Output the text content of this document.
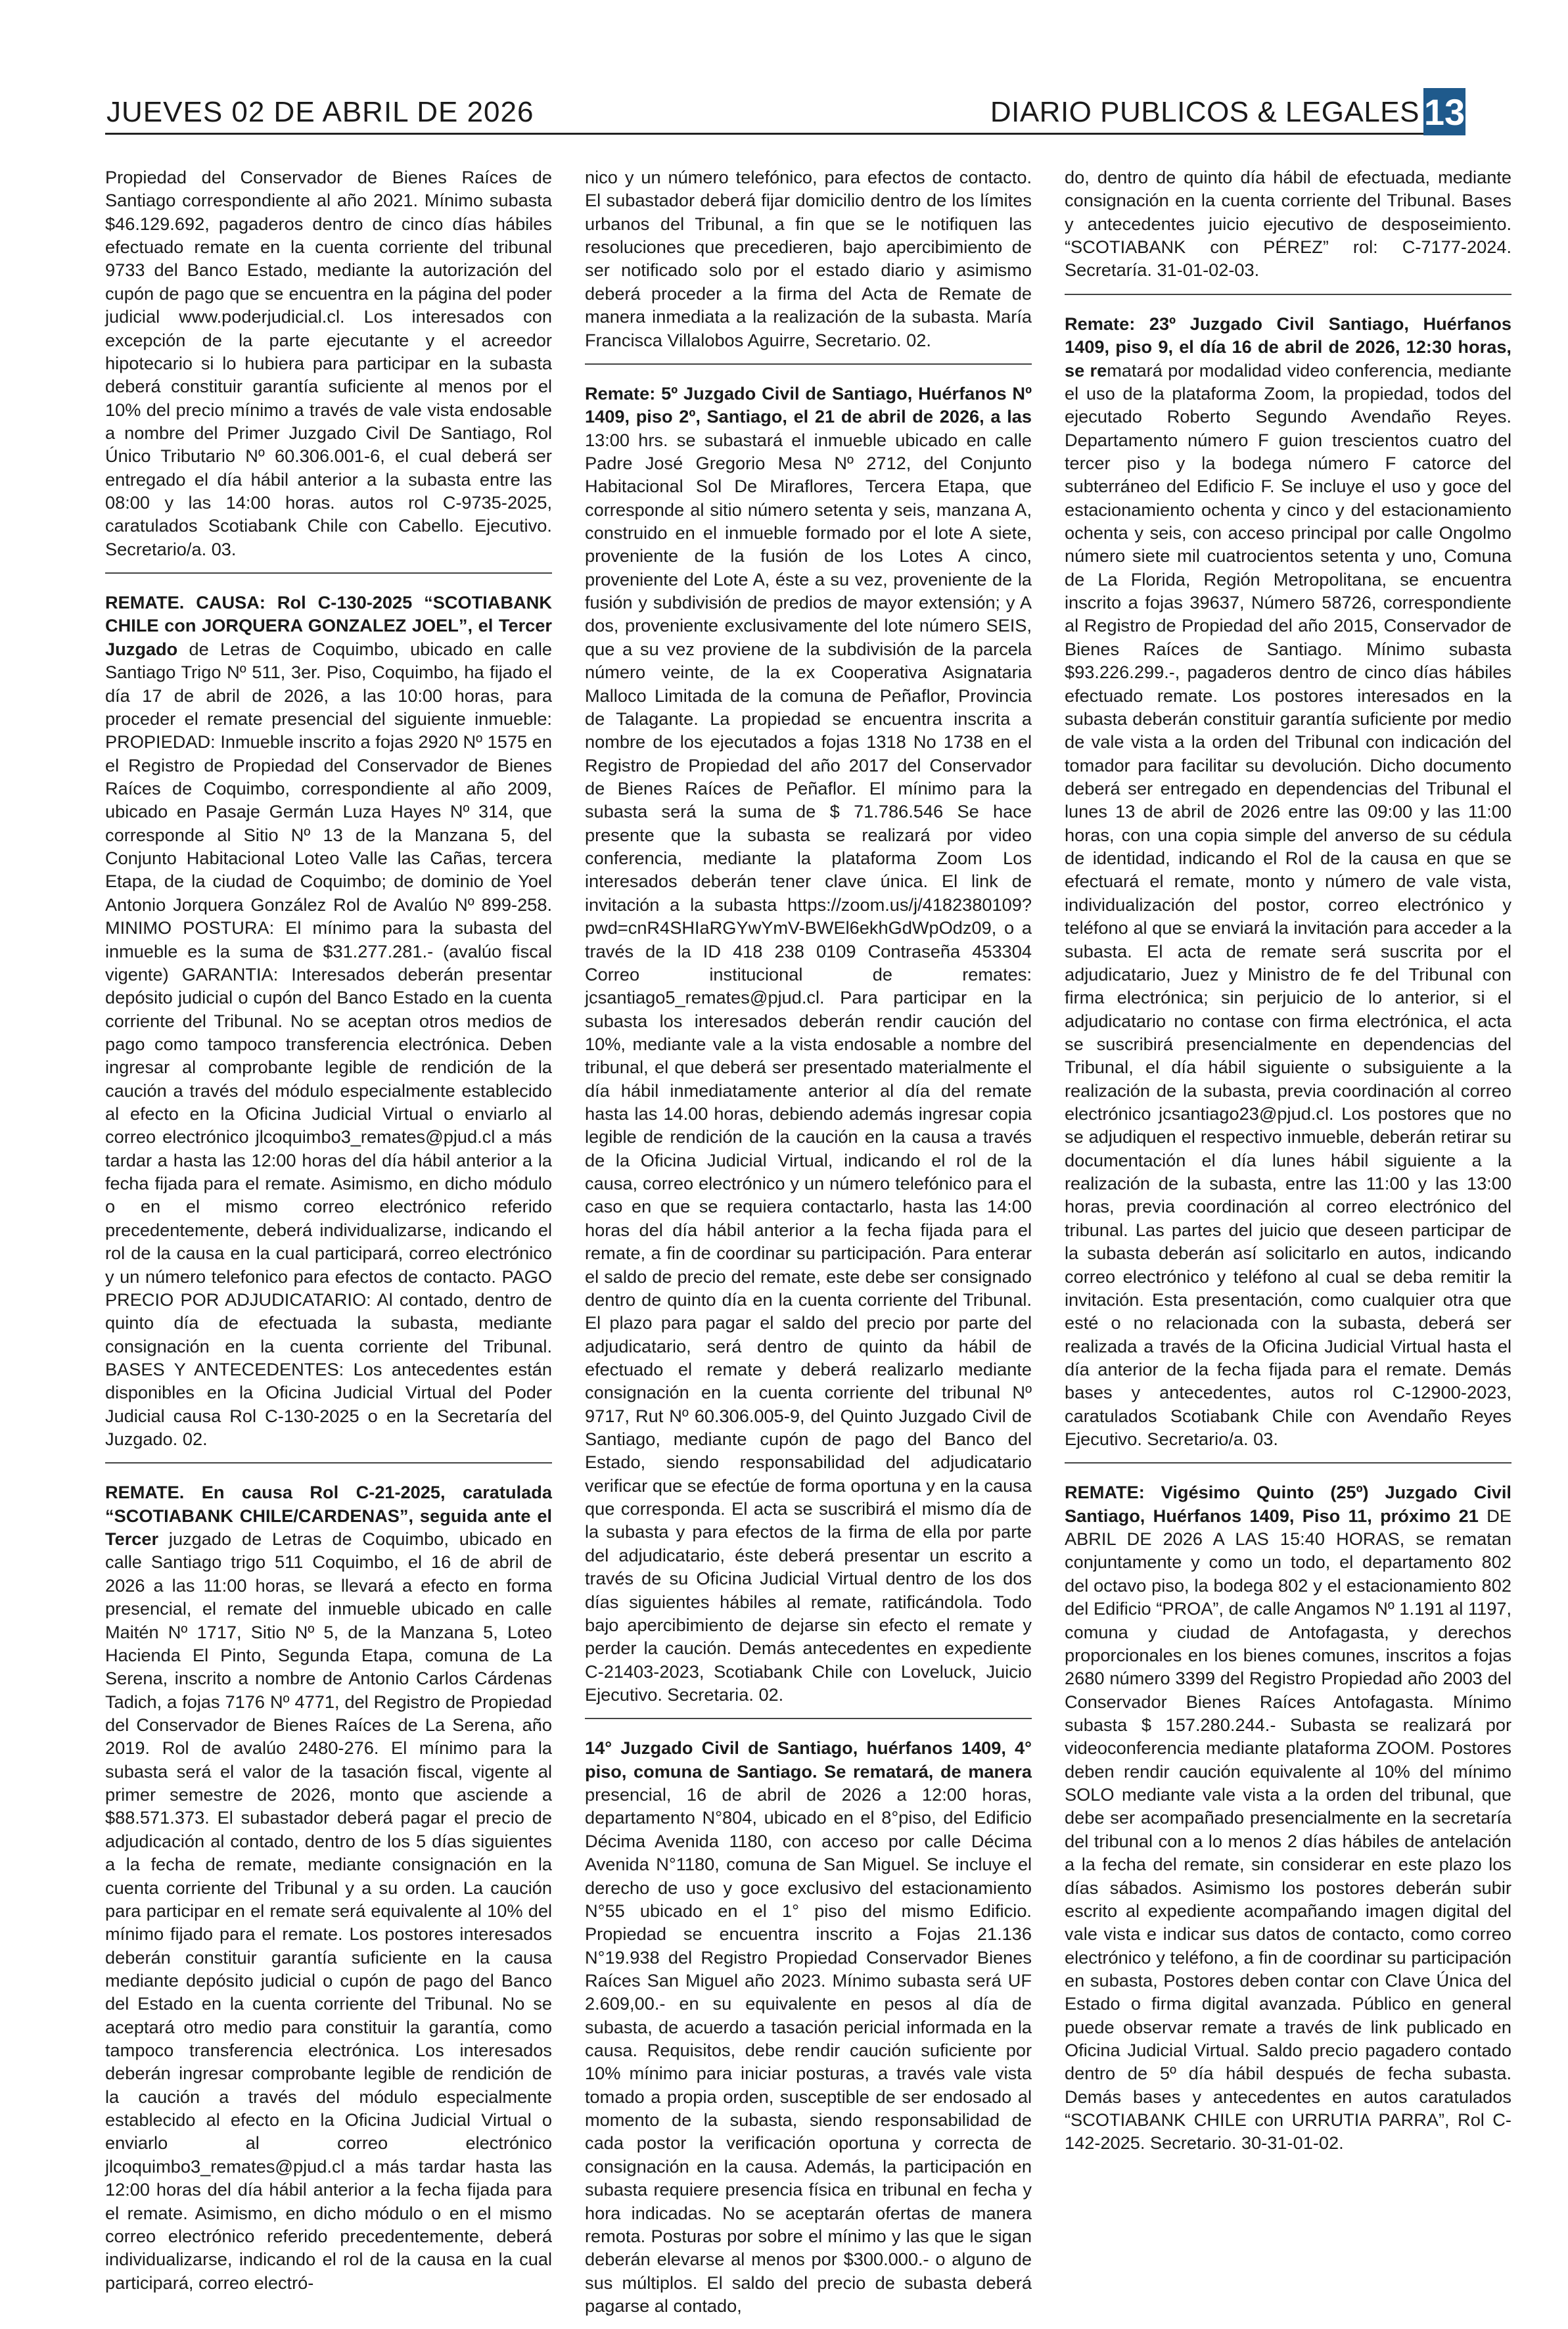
JUEVES 02 DE ABRIL DE 2026	DIARIO PUBLICOS & LEGALES 13

Propiedad del Conservador de Bienes Raíces de Santiago correspondiente al año 2021. Mínimo subasta $46.129.692, pagaderos dentro de cinco días hábiles efectuado remate en la cuenta corriente del tribunal 9733 del Banco Estado, mediante la autorización del cupón de pago que se encuentra en la página del poder judicial www.poderjudicial.cl. Los interesados con excepción de la parte ejecutante y el acreedor hipotecario si lo hubiera para participar en la subasta deberá constituir garantía suficiente al menos por el 10% del precio mínimo a través de vale vista endosable a nombre del Primer Juzgado Civil De Santiago, Rol Único Tributario Nº 60.306.001-6, el cual deberá ser entregado el día hábil anterior a la subasta entre las 08:00 y las 14:00 horas. autos rol C-9735-2025, caratulados Scotiabank Chile con Cabello. Ejecutivo. Secretario/a. 03.

REMATE. CAUSA: Rol C-130-2025 “SCOTIABANK CHILE con JORQUERA GONZALEZ JOEL”, el Tercer Juzgado de Letras de Coquimbo, ubicado en calle Santiago Trigo Nº 511, 3er. Piso, Coquimbo, ha fijado el día 17 de abril de 2026, a las 10:00 horas, para proceder el remate presencial del siguiente inmueble: PROPIEDAD: Inmueble inscrito a fojas 2920 Nº 1575 en el Registro de Propiedad del Conservador de Bienes Raíces de Coquimbo, correspondiente al año 2009, ubicado en Pasaje Germán Luza Hayes Nº 314, que corresponde al Sitio Nº 13 de la Manzana 5, del Conjunto Habitacional Loteo Valle las Cañas, tercera Etapa, de la ciudad de Coquimbo; de dominio de Yoel Antonio Jorquera González Rol de Avalúo Nº 899-258. MINIMO POSTURA: El mínimo para la subasta del inmueble es la suma de $31.277.281.- (avalúo fiscal vigente) GARANTIA: Interesados deberán presentar depósito judicial o cupón del Banco Estado en la cuenta corriente del Tribunal. No se aceptan otros medios de pago como tampoco transferencia electrónica. Deben ingresar al comprobante legible de rendición de la caución a través del módulo especialmente establecido al efecto en la Oficina Judicial Virtual o enviarlo al correo electrónico jlcoquimbo3_remates@pjud.cl a más tardar a hasta las 12:00 horas del día hábil anterior a la fecha fijada para el remate. Asimismo, en dicho módulo o en el mismo correo electrónico referido precedentemente, deberá individualizarse, indicando el rol de la causa en la cual participará, correo electrónico y un número telefonico para efectos de contacto. PAGO PRECIO POR ADJUDICATARIO: Al contado, dentro de quinto día de efectuada la subasta, mediante consignación en la cuenta corriente del Tribunal. BASES Y ANTECEDENTES: Los antecedentes están disponibles en la Oficina Judicial Virtual del Poder Judicial causa Rol C-130-2025 o en la Secretaría del Juzgado. 02.

REMATE. En causa Rol C-21-2025, caratulada “SCOTIABANK CHILE/CARDENAS”, seguida ante el Tercer juzgado de Letras de Coquimbo, ubicado en calle Santiago trigo 511 Coquimbo, el 16 de abril de 2026 a las 11:00 horas, se llevará a efecto en forma presencial, el remate del inmueble ubicado en calle Maitén Nº 1717, Sitio Nº 5, de la Manzana 5, Loteo Hacienda El Pinto, Segunda Etapa, comuna de La Serena, inscrito a nombre de Antonio Carlos Cárdenas Tadich, a fojas 7176 Nº 4771, del Registro de Propiedad del Conservador de Bienes Raíces de La Serena, año 2019. Rol de avalúo 2480-276. El mínimo para la subasta será el valor de la tasación fiscal, vigente al primer semestre de 2026, monto que asciende a $88.571.373. El subastador deberá pagar el precio de adjudicación al contado, dentro de los 5 días siguientes a la fecha de remate, mediante consignación en la cuenta corriente del Tribunal y a su orden. La caución para participar en el remate será equivalente al 10% del mínimo fijado para el remate. Los postores interesados deberán constituir garantía suficiente en la causa mediante depósito judicial o cupón de pago del Banco del Estado en la cuenta corriente del Tribunal. No se aceptará otro medio para constituir la garantía, como tampoco transferencia electrónica. Los interesados deberán ingresar comprobante legible de rendición de la caución a través del módulo especialmente establecido al efecto en la Oficina Judicial Virtual o enviarlo al correo electrónico jlcoquimbo3_remates@pjud.cl a más tardar hasta las 12:00 horas del día hábil anterior a la fecha fijada para el remate. Asimismo, en dicho módulo o en el mismo correo electrónico referido precedentemente, deberá individualizarse, indicando el rol de la causa en la cual participará, correo electró-

nico y un número telefónico, para efectos de contacto. El subastador deberá fijar domicilio dentro de los límites urbanos del Tribunal, a fin que se le notifiquen las resoluciones que precedieren, bajo apercibimiento de ser notificado solo por el estado diario y asimismo deberá proceder a la firma del Acta de Remate de manera inmediata a la realización de la subasta. María Francisca Villalobos Aguirre, Secretario. 02.

Remate: 5º Juzgado Civil de Santiago, Huérfanos Nº 1409, piso 2º, Santiago, el 21 de abril de 2026, a las 13:00 hrs. se subastará el inmueble ubicado en calle Padre José Gregorio Mesa Nº 2712, del Conjunto Habitacional Sol De Miraflores, Tercera Etapa, que corresponde al sitio número setenta y seis, manzana A, construido en el inmueble formado por el lote A siete, proveniente de la fusión de los Lotes A cinco, proveniente del Lote A, éste a su vez, proveniente de la fusión y subdivisión de predios de mayor extensión; y A dos, proveniente exclusivamente del lote número SEIS, que a su vez proviene de la subdivisión de la parcela número veinte, de la ex Cooperativa Asignataria Malloco Limitada de la comuna de Peñaflor, Provincia de Talagante. La propiedad se encuentra inscrita a nombre de los ejecutados a fojas 1318 No 1738 en el Registro de Propiedad del año 2017 del Conservador de Bienes Raíces de Peñaflor. El mínimo para la subasta será la suma de $ 71.786.546 Se hace presente que la subasta se realizará por video conferencia, mediante la plataforma Zoom Los interesados deberán tener clave única. El link de invitación a la subasta https://zoom.us/j/4182380109?pwd=cnR4SHIaRGYwYmV-BWEl6ekhGdWpOdz09, o a través de la ID 418 238 0109 Contraseña 453304 Correo institucional de remates: jcsantiago5_remates@pjud.cl. Para participar en la subasta los interesados deberán rendir caución del 10%, mediante vale a la vista endosable a nombre del tribunal, el que deberá ser presentado materialmente el día hábil inmediatamente anterior al día del remate hasta las 14.00 horas, debiendo además ingresar copia legible de rendición de la caución en la causa a través de la Oficina Judicial Virtual, indicando el rol de la causa, correo electrónico y un número telefónico para el caso en que se requiera contactarlo, hasta las 14:00 horas del día hábil anterior a la fecha fijada para el remate, a fin de coordinar su participación. Para enterar el saldo de precio del remate, este debe ser consignado dentro de quinto día en la cuenta corriente del Tribunal. El plazo para pagar el saldo del precio por parte del adjudicatario, será dentro de quinto da hábil de efectuado el remate y deberá realizarlo mediante consignación en la cuenta corriente del tribunal Nº 9717, Rut Nº 60.306.005-9, del Quinto Juzgado Civil de Santiago, mediante cupón de pago del Banco del Estado, siendo responsabilidad del adjudicatario verificar que se efectúe de forma oportuna y en la causa que corresponda. El acta se suscribirá el mismo día de la subasta y para efectos de la firma de ella por parte del adjudicatario, éste deberá presentar un escrito a través de su Oficina Judicial Virtual dentro de los dos días siguientes hábiles al remate, ratificándola. Todo bajo apercibimiento de dejarse sin efecto el remate y perder la caución. Demás antecedentes en expediente C-21403-2023, Scotiabank Chile con Loveluck, Juicio Ejecutivo. Secretaria. 02.

14° Juzgado Civil de Santiago, huérfanos 1409, 4° piso, comuna de Santiago. Se rematará, de manera presencial, 16 de abril de 2026 a 12:00 horas, departamento N°804, ubicado en el 8°piso, del Edificio Décima Avenida 1180, con acceso por calle Décima Avenida N°1180, comuna de San Miguel. Se incluye el derecho de uso y goce exclusivo del estacionamiento N°55 ubicado en el 1° piso del mismo Edificio. Propiedad se encuentra inscrito a Fojas 21.136 N°19.938 del Registro Propiedad Conservador Bienes Raíces San Miguel año 2023. Mínimo subasta será UF 2.609,00.- en su equivalente en pesos al día de subasta, de acuerdo a tasación pericial informada en la causa. Requisitos, debe rendir caución suficiente por 10% mínimo para iniciar posturas, a través vale vista tomado a propia orden, susceptible de ser endosado al momento de la subasta, siendo responsabilidad de cada postor la verificación oportuna y correcta de consignación en la causa. Además, la participación en subasta requiere presencia física en tribunal en fecha y hora indicadas. No se aceptarán ofertas de manera remota. Posturas por sobre el mínimo y las que le sigan deberán elevarse al menos por $300.000.- o alguno de sus múltiplos. El saldo del precio de subasta deberá pagarse al contado,

do, dentro de quinto día hábil de efectuada, mediante consignación en la cuenta corriente del Tribunal. Bases y antecedentes juicio ejecutivo de desposeimiento. “SCOTIABANK con PÉREZ” rol: C-7177-2024. Secretaría. 31-01-02-03.

Remate: 23º Juzgado Civil Santiago, Huérfanos 1409, piso 9, el día 16 de abril de 2026, 12:30 horas, se rematará por modalidad video conferencia, mediante el uso de la plataforma Zoom, la propiedad, todos del ejecutado Roberto Segundo Avendaño Reyes. Departamento número F guion trescientos cuatro del tercer piso y la bodega número F catorce del subterráneo del Edificio F. Se incluye el uso y goce del estacionamiento ochenta y cinco y del estacionamiento ochenta y seis, con acceso principal por calle Ongolmo número siete mil cuatrocientos setenta y uno, Comuna de La Florida, Región Metropolitana, se encuentra inscrito a fojas 39637, Número 58726, correspondiente al Registro de Propiedad del año 2015, Conservador de Bienes Raíces de Santiago. Mínimo subasta $93.226.299.-, pagaderos dentro de cinco días hábiles efectuado remate. Los postores interesados en la subasta deberán constituir garantía suficiente por medio de vale vista a la orden del Tribunal con indicación del tomador para facilitar su devolución. Dicho documento deberá ser entregado en dependencias del Tribunal el lunes 13 de abril de 2026 entre las 09:00 y las 11:00 horas, con una copia simple del anverso de su cédula de identidad, indicando el Rol de la causa en que se efectuará el remate, monto y número de vale vista, individualización del postor, correo electrónico y teléfono al que se enviará la invitación para acceder a la subasta. El acta de remate será suscrita por el adjudicatario, Juez y Ministro de fe del Tribunal con firma electrónica; sin perjuicio de lo anterior, si el adjudicatario no contase con firma electrónica, el acta se suscribirá presencialmente en dependencias del Tribunal, el día hábil siguiente o subsiguiente a la realización de la subasta, previa coordinación al correo electrónico jcsantiago23@pjud.cl. Los postores que no se adjudiquen el respectivo inmueble, deberán retirar su documentación el día lunes hábil siguiente a la realización de la subasta, entre las 11:00 y las 13:00 horas, previa coordinación al correo electrónico del tribunal. Las partes del juicio que deseen participar de la subasta deberán así solicitarlo en autos, indicando correo electrónico y teléfono al cual se deba remitir la invitación. Esta presentación, como cualquier otra que esté o no relacionada con la subasta, deberá ser realizada a través de la Oficina Judicial Virtual hasta el día anterior de la fecha fijada para el remate. Demás bases y antecedentes, autos rol C-12900-2023, caratulados Scotiabank Chile con Avendaño Reyes Ejecutivo. Secretario/a. 03.

REMATE: Vigésimo Quinto (25º) Juzgado Civil Santiago, Huérfanos 1409, Piso 11, próximo 21 DE ABRIL DE 2026 A LAS 15:40 HORAS, se rematan conjuntamente y como un todo, el departamento 802 del octavo piso, la bodega 802 y el estacionamiento 802 del Edificio “PROA”, de calle Angamos Nº 1.191 al 1197, comuna y ciudad de Antofagasta, y derechos proporcionales en los bienes comunes, inscritos a fojas 2680 número 3399 del Registro Propiedad año 2003 del Conservador Bienes Raíces Antofagasta. Mínimo subasta $ 157.280.244.- Subasta se realizará por videoconferencia mediante plataforma ZOOM. Postores deben rendir caución equivalente al 10% del mínimo SOLO mediante vale vista a la orden del tribunal, que debe ser acompañado presencialmente en la secretaría del tribunal con a lo menos 2 días hábiles de antelación a la fecha del remate, sin considerar en este plazo los días sábados. Asimismo los postores deberán subir escrito al expediente acompañando imagen digital del vale vista e indicar sus datos de contacto, como correo electrónico y teléfono, a fin de coordinar su participación en subasta, Postores deben contar con Clave Única del Estado o firma digital avanzada. Público en general puede observar remate a través de link publicado en Oficina Judicial Virtual. Saldo precio pagadero contado dentro de 5º día hábil después de fecha subasta. Demás bases y antecedentes en autos caratulados “SCOTIABANK CHILE con URRUTIA PARRA”, Rol C-142-2025. Secretario. 30-31-01-02.
